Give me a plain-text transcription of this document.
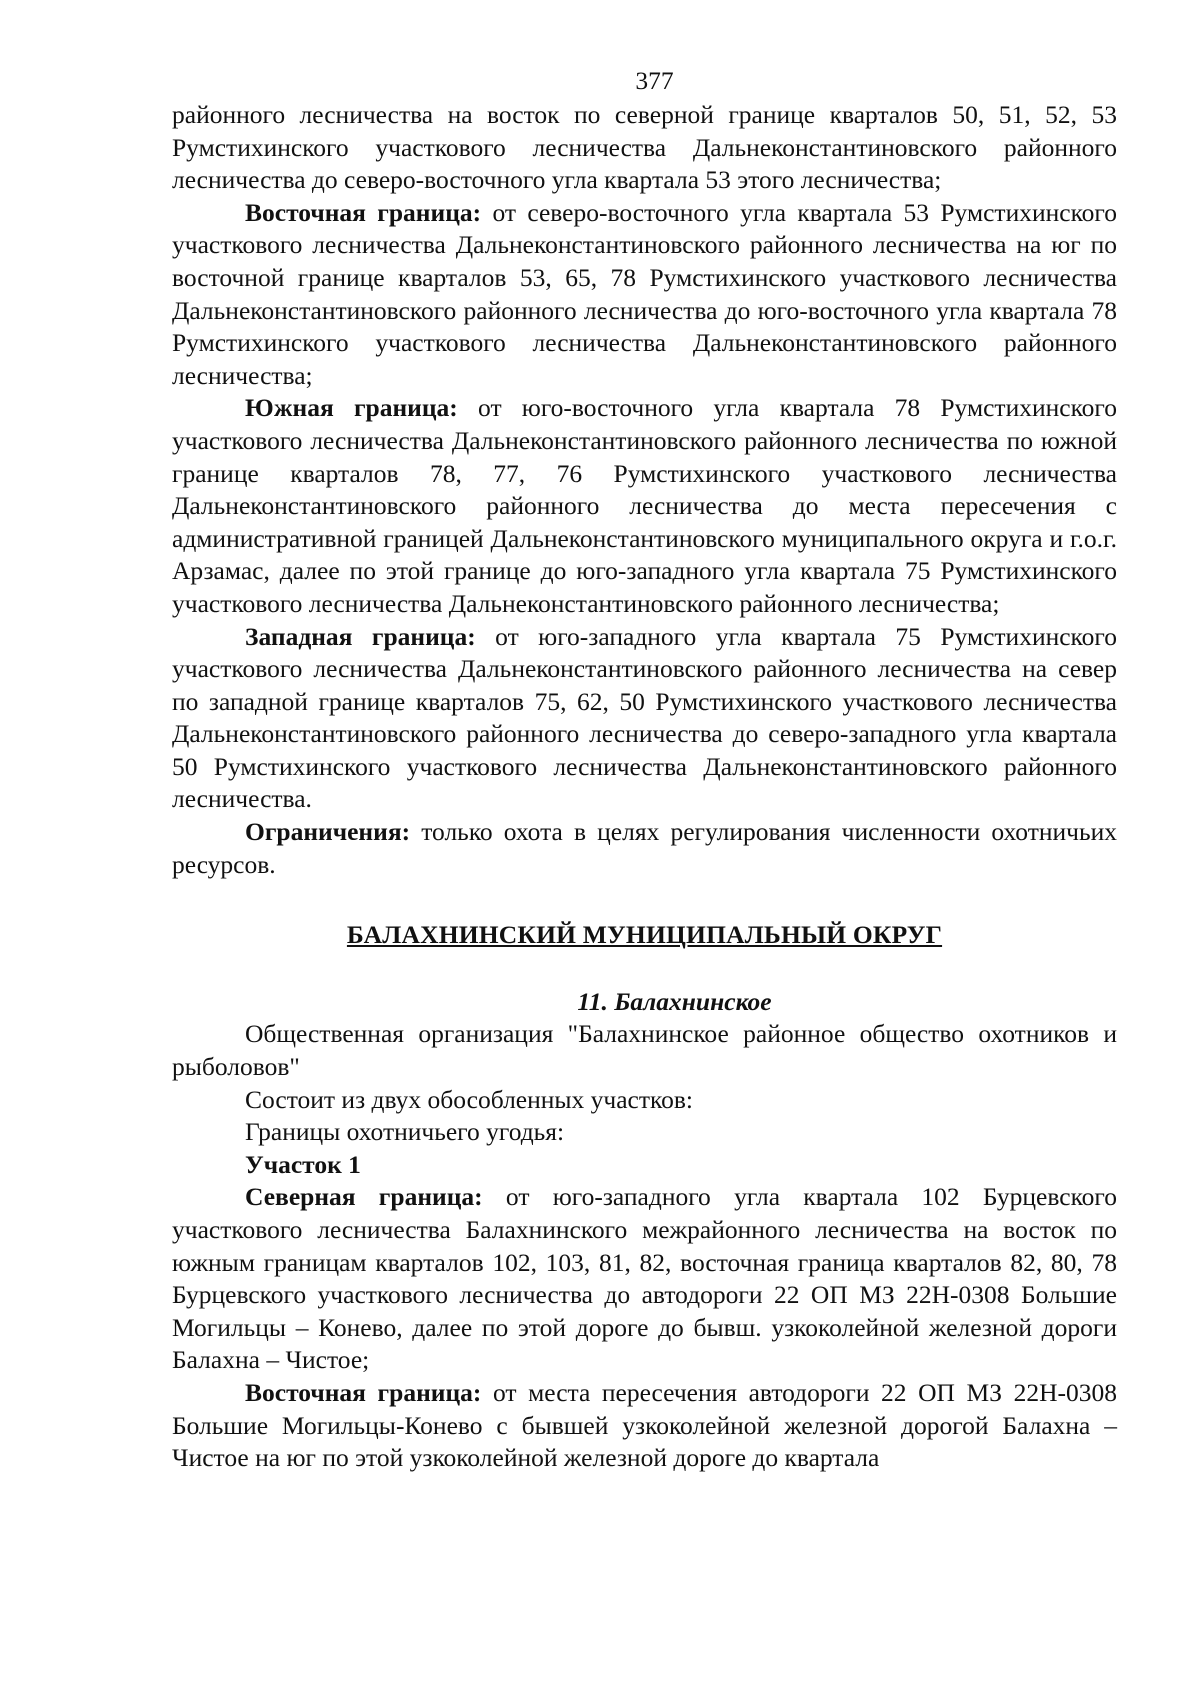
377

районного лесничества на восток по северной границе кварталов 50, 51, 52, 53 Румстихинского участкового лесничества Дальнеконстантиновского районного лесничества до северо-восточного угла квартала 53 этого лесничества;

Восточная граница: от северо-восточного угла квартала 53 Румстихинского участкового лесничества Дальнеконстантиновского районного лесничества на юг по восточной границе кварталов 53, 65, 78 Румстихинского участкового лесничества Дальнеконстантиновского районного лесничества до юго-восточного угла квартала 78 Румстихинского участкового лесничества Дальнеконстантиновского районного лесничества;

Южная граница: от юго-восточного угла квартала 78 Румстихинского участкового лесничества Дальнеконстантиновского районного лесничества по южной границе кварталов 78, 77, 76 Румстихинского участкового лесничества Дальнеконстантиновского районного лесничества до места пересечения с административной границей Дальнеконстантиновского муниципального округа и г.о.г. Арзамас, далее по этой границе до юго-западного угла квартала 75 Румстихинского участкового лесничества Дальнеконстантиновского районного лесничества;

Западная граница: от юго-западного угла квартала 75 Румстихинского участкового лесничества Дальнеконстантиновского районного лесничества на север по западной границе кварталов 75, 62, 50 Румстихинского участкового лесничества Дальнеконстантиновского районного лесничества до северо-западного угла квартала 50 Румстихинского участкового лесничества Дальнеконстантиновского районного лесничества.

Ограничения: только охота в целях регулирования численности охотничьих ресурсов.

БАЛАХНИНСКИЙ МУНИЦИПАЛЬНЫЙ ОКРУГ
11. Балахнинское

Общественная организация "Балахнинское районное общество охотников и рыболовов"

Состоит из двух обособленных участков:

Границы охотничьего угодья:

Участок 1

Северная граница: от юго-западного угла квартала 102 Бурцевского участкового лесничества Балахнинского межрайонного лесничества на восток по южным границам кварталов 102, 103, 81, 82, восточная граница кварталов 82, 80, 78 Бурцевского участкового лесничества до автодороги 22 ОП МЗ 22Н-0308 Большие Могильцы – Конево, далее по этой дороге до бывш. узкоколейной железной дороги Балахна – Чистое;

Восточная граница: от места пересечения автодороги 22 ОП МЗ 22Н-0308 Большие Могильцы-Конево с бывшей узкоколейной железной дорогой Балахна – Чистое на юг по этой узкоколейной железной дороге до квартала
